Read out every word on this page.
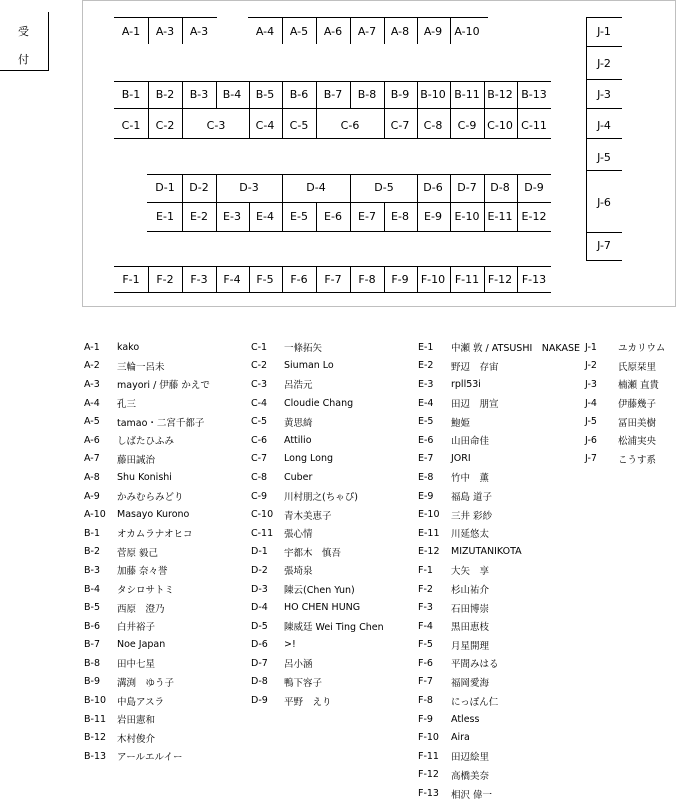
受
付
A-1	kako
A-2	三輪一呂未
A-3	mayori / 伊藤 かえで
A-4	孔三
A-5	tamao・二宮千都子
A-6	しばたひふみ
A-7	藤田誠治
A-8	Shu Konishi
A-9	かみむらみどり
A-10	Masayo Kurono
B-1	オカムラナオヒコ
B-2	菅原 毅己
B-3	加藤 奈々誉
B-4	タシロサトミ
B-5	西原　澄乃
B-6	白井裕子
B-7	Noe Japan
B-8	田中七星
B-9	溝渕　ゆう子
B-10	中島アスラ
B-11	岩田憲和
B-12	木村俊介
B-13	アールエルイー
C-1	一條拓矢
C-2	Siuman Lo
C-3	呂浩元
C-4	Cloudie Chang
C-5	黄思綺
C-6	Attilio
C-7	Long Long
C-8	Cuber
C-9	川村朋之(ちゃぴ)
C-10	青木美恵子
C-11	張心情
D-1	宇都木　慎吾
D-2	張埼泉
D-3	陳云(Chen Yun)
D-4	HO CHEN HUNG
D-5	陳威廷 Wei Ting Chen
D-6	>!
D-7	呂小涵
D-8	鴨下容子
D-9	平野　えり
E-1	中瀬 敦 / ATSUSHI　NAKASE
E-2	野辺　存宙
E-3	rpll53i
E-4	田辺　朋宣
E-5	鮑姫
E-6	山田命佳
E-7	JORI
E-8	竹中　薫
E-9	福島 道子
E-10	三井 彩紗
E-11	川延悠太
E-12	MIZUTANIKOTA
F-1	大矢　享
F-2	杉山祐介
F-3	石田博崇
F-4	黒田恵枝
F-5	月星開理
F-6	平間みはる
F-7	福岡愛海
F-8	にっぽん仁
F-9	Atless
F-10	Aira
F-11	田辺絵里
F-12	高橋美奈
F-13	相沢 偉一
J-1	ユカリウム
J-2	氏原栞里
J-3	楠瀬 直貴
J-4	伊藤幾子
J-5	冨田美樹
J-6	松浦実央
J-7	こうす系
A-1 A-3 A-3	A-4 A-5 A-6 A-7 A-8 A-9 A-10
B-1 B-2 B-3 B-4 B-5 B-6 B-7 B-8 B-9 B-10 B-11 B-12 B-13
C-1 C-2	C-3	C-4 C-5	C-6	C-7 C-8 C-9 C-10 C-11
D-1 D-2	D-3	D-4	D-5	D-6 D-7 D-8 D-9
E-1 E-2 E-3 E-4 E-5 E-6 E-7 E-8 E-9 E-10 E-11 E-12
F-1 F-2 F-3 F-4 F-5 F-6 F-7 F-8 F-9 F-10 F-11 F-12 F-13
J-1
J-2
J-3
J-4
J-5
J-6
J-7
